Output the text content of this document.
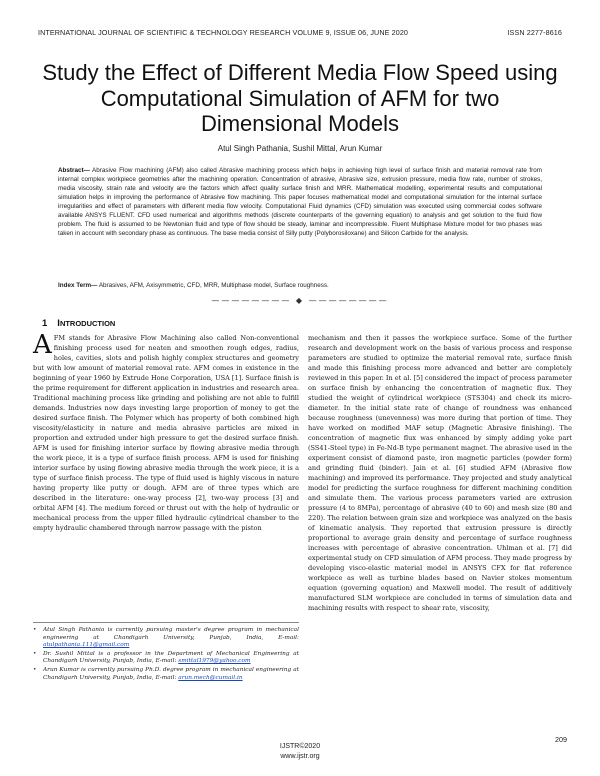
INTERNATIONAL JOURNAL OF SCIENTIFIC & TECHNOLOGY RESEARCH VOLUME 9, ISSUE 06, JUNE 2020	ISSN 2277-8616
Study the Effect of Different Media Flow Speed using Computational Simulation of AFM for two Dimensional Models
Atul Singh Pathania, Sushil Mittal, Arun Kumar
Abstract— Abrasive Flow machining (AFM) also called Abrasive machining process which helps in achieving high level of surface finish and material removal rate from internal complex workpiece geometries after the machining operation. Concentration of abrasive, Abrasive size, extrusion pressure, media flow rate, number of strokes, media viscosity, strain rate and velocity are the factors which affect quality surface finish and MRR. Mathematical modelling, experimental results and computational simulation helps in improving the performance of Abrasive flow machining. This paper focuses mathematical model and computational simulation for the internal surface irregularities and effect of parameters with different media flow velocity. Computational Fluid dynamics (CFD) simulation was executed using commercial codes software available ANSYS FLUENT. CFD used numerical and algorithms methods (discrete counterparts of the governing equation) to analysis and get solution to the fluid flow problem. The fluid is assumed to be Newtonian fluid and type of flow should be steady, laminar and incompressible. Fluent Multiphase Mixture model for two phases was taken in account with secondary phase as continuous. The base media consist of Silly putty (Polyborosiloxane) and Silicon Carbide for the analysis.
Index Term— Abrasives, AFM, Axisymmetric, CFD, MRR, Multiphase model, Surface roughness.
———————— ◆ ————————
1 INTRODUCTION

AFM stands for Abrasive Flow Machining also called Non-conventional finishing process used for neaten and smoothen rough edges, radius, holes, cavities, slots and polish highly complex structures and geometry but with low amount of material removal rate. AFM comes in existence in the beginning of year 1960 by Extrude Hone Corporation, USA [1]. Surface finish is the prime requirement for different application in industries and research area. Traditional machining process like grinding and polishing are not able to fulfill demands. Industries now days investing large proportion of money to get the desired surface finish. The Polymer which has property of both combined high viscosity/elasticity in nature and media abrasive particles are mixed in proportion and extruded under high pressure to get the desired surface finish. AFM is used for finishing interior surface by flowing abrasive media through the work piece, it is a type of surface finish process. AFM is used for finishing interior surface by using flowing abrasive media through the work piece, it is a type of surface finish process. The type of fluid used is highly viscous in nature having property like putty or dough. AFM are of three types which are described in the literature: one-way process [2], two-way process [3] and orbital AFM [4]. The medium forced or thrust out with the help of hydraulic or mechanical process from the upper filled hydraulic cylindrical chamber to the empty hydraulic chambered through narrow passage with the piston

mechanism and then it passes the workpiece surface. Some of the further research and development work on the basis of various process and response parameters are studied to optimize the material removal rate, surface finish and made this finishing process more advanced and better are completely reviewed in this paper. In et al. [5] considered the impact of process parameter on surface finish by enhancing the concentration of magnetic flux. They studied the weight of cylindrical workpiece (STS304) and check its micro-diameter. In the initial state rate of change of roundness was enhanced because roughness (unevenness) was more during that portion of time. They have worked on modified MAF setup (Magnetic Abrasive finishing). The concentration of magnetic flux was enhanced by simply adding yoke part (SS41-Steel type) in Fe-Nd-B type permanent magnet. The abrasive used in the experiment consist of diamond paste, iron magnetic particles (powder form) and grinding fluid (binder). Jain et al. [6] studied AFM (Abrasive flow machining) and improved its performance. They projected and study analytical model for predicting the surface roughness for different machining condition and simulate them. The various process parameters varied are extrusion pressure (4 to 8MPa), percentage of abrasive (40 to 60) and mesh size (80 and 220). The relation between grain size and workpiece was analyzed on the basis of kinematic analysis. They reported that extrusion pressure is directly proportional to average grain density and percentage of surface roughness increases with percentage of abrasive concentration. Uhlman et al. [7] did experimental study on CFD simulation of AFM process. They made progress by developing visco-elastic material model in ANSYS CFX for flat reference workpiece as well as turbine blades based on Navier stokes momentum equation (governing equation) and Maxwell model. The result of additively manufactured SLM workpiece are concluded in terms of simulation data and machining results with respect to shear rate, viscosity,

• Atul Singh Pathania is currently pursuing master's degree program in mechanical engineering at Chandigarh University, Punjab, India, E-mail: atulpathania.111@gmail.com
• Dr. Sushil Mittal is a professor in the Department of Mechanical Engineering at Chandigarh University, Punjab, India, E-mail: smittal1979@yahoo.com
• Arun Kumar is currently pursuing Ph.D. degree program in mechanical engineering at Chandigarh University, Punjab, India, E-mail: arun.mech@cumail.in
209
IJSTR©2020
www.ijstr.org
